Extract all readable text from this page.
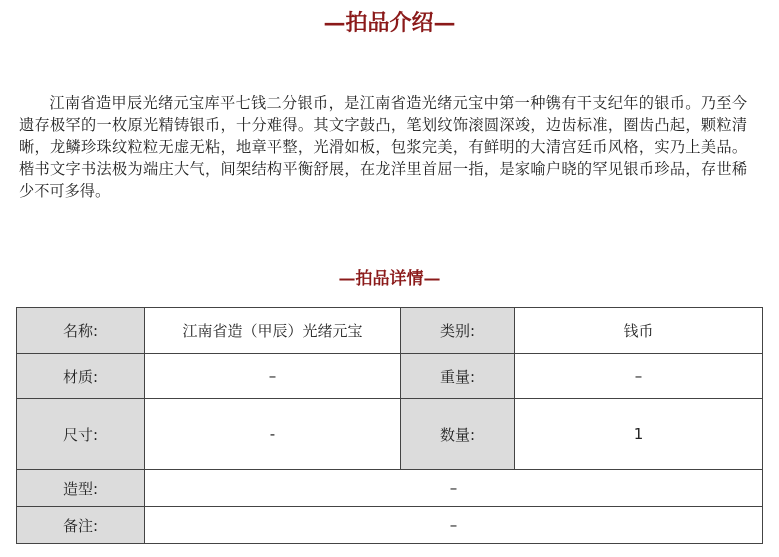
—拍品介绍—

江南省造甲辰光绪元宝库平七钱二分银币，是江南省造光绪元宝中第一种镌有干支纪年的银币。乃至今遗存极罕的一枚原光精铸银币，十分难得。其文字鼓凸，笔划纹饰滚圆深竣，边齿标准，圈齿凸起，颗粒清晰，龙鳞珍珠纹粒粒无虚无粘，地章平整，光滑如板，包浆完美，有鲜明的大清宫廷币风格，实乃上美品。楷书文字书法极为端庄大气，间架结构平衡舒展，在龙洋里首屈一指，是家喻户晓的罕见银币珍品，存世稀少不可多得。

—拍品详情—
名称:	江南省造（甲辰）光绪元宝	类别:	钱币
材质:	–	重量:	–
尺寸:	-	数量:	1
造型:	–		
备注:	–		
